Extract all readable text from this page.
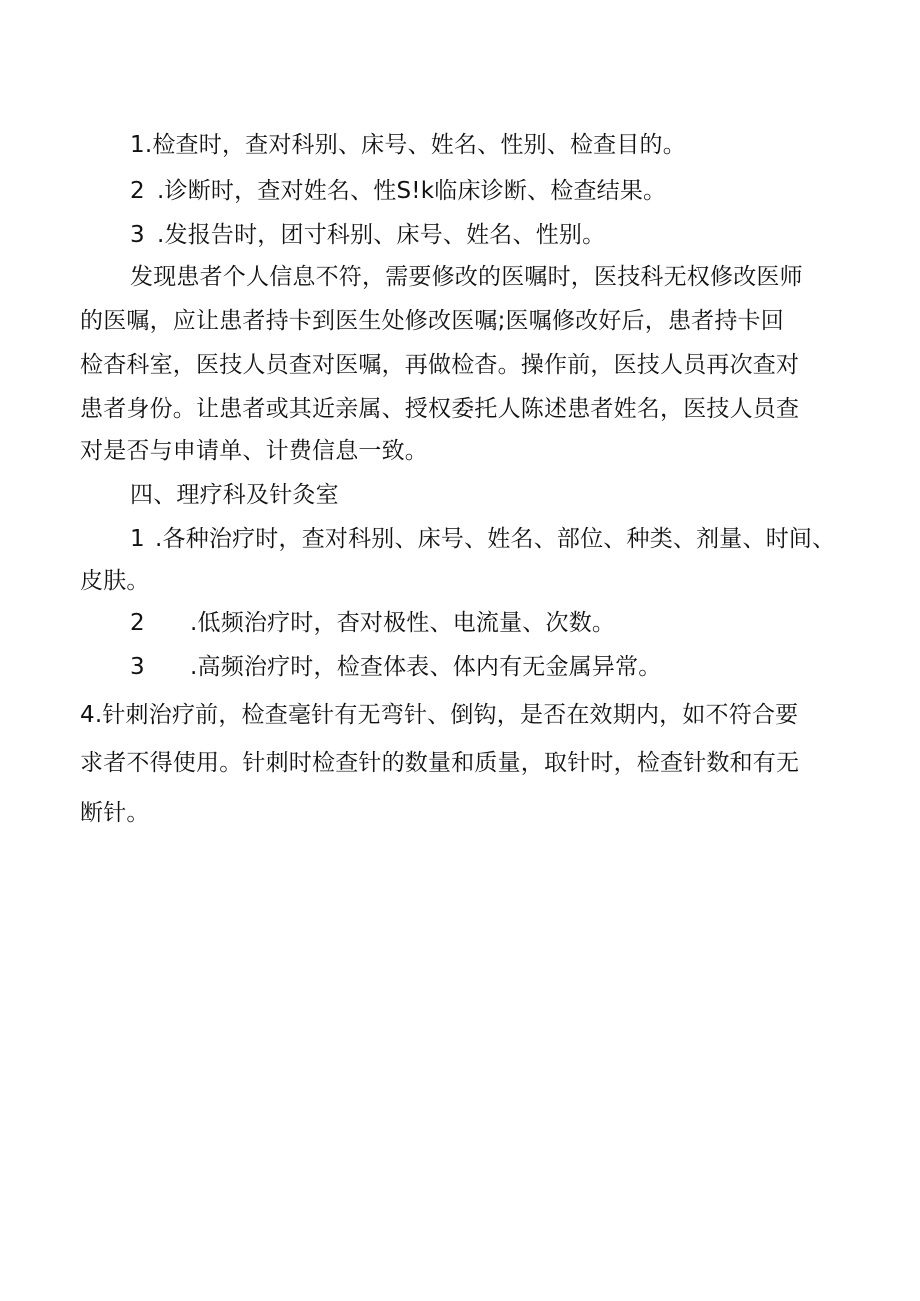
1.检查时，查对科别、床号、姓名、性别、检查目的。

2 .诊断时，查对姓名、性S!k临床诊断、检查结果。

3 .发报告时，团寸科别、床号、姓名、性别。

发现患者个人信息不符，需要修改的医嘱时，医技科无权修改医师

的医嘱，应让患者持卡到医生处修改医嘱;医嘱修改好后，患者持卡回

检杳科室，医技人员查对医嘱，再做检杳。操作前，医技人员再次查对

患者身份。让患者或其近亲属、授权委托人陈述患者姓名，医技人员查

对是否与申请单、计费信息一致。

四、理疗科及针灸室

1 .各种治疗时，查对科别、床号、姓名、部位、种类、剂量、时间、

皮肤。

2 .低频治疗时，杳对极性、电流量、次数。

3 .高频治疗时，检查体表、体内有无金属异常。

4.针刺治疗前，检查毫针有无弯针、倒钩，是否在效期内，如不符合要

求者不得使用。针刺时检查针的数量和质量，取针时，检查针数和有无

断针。
